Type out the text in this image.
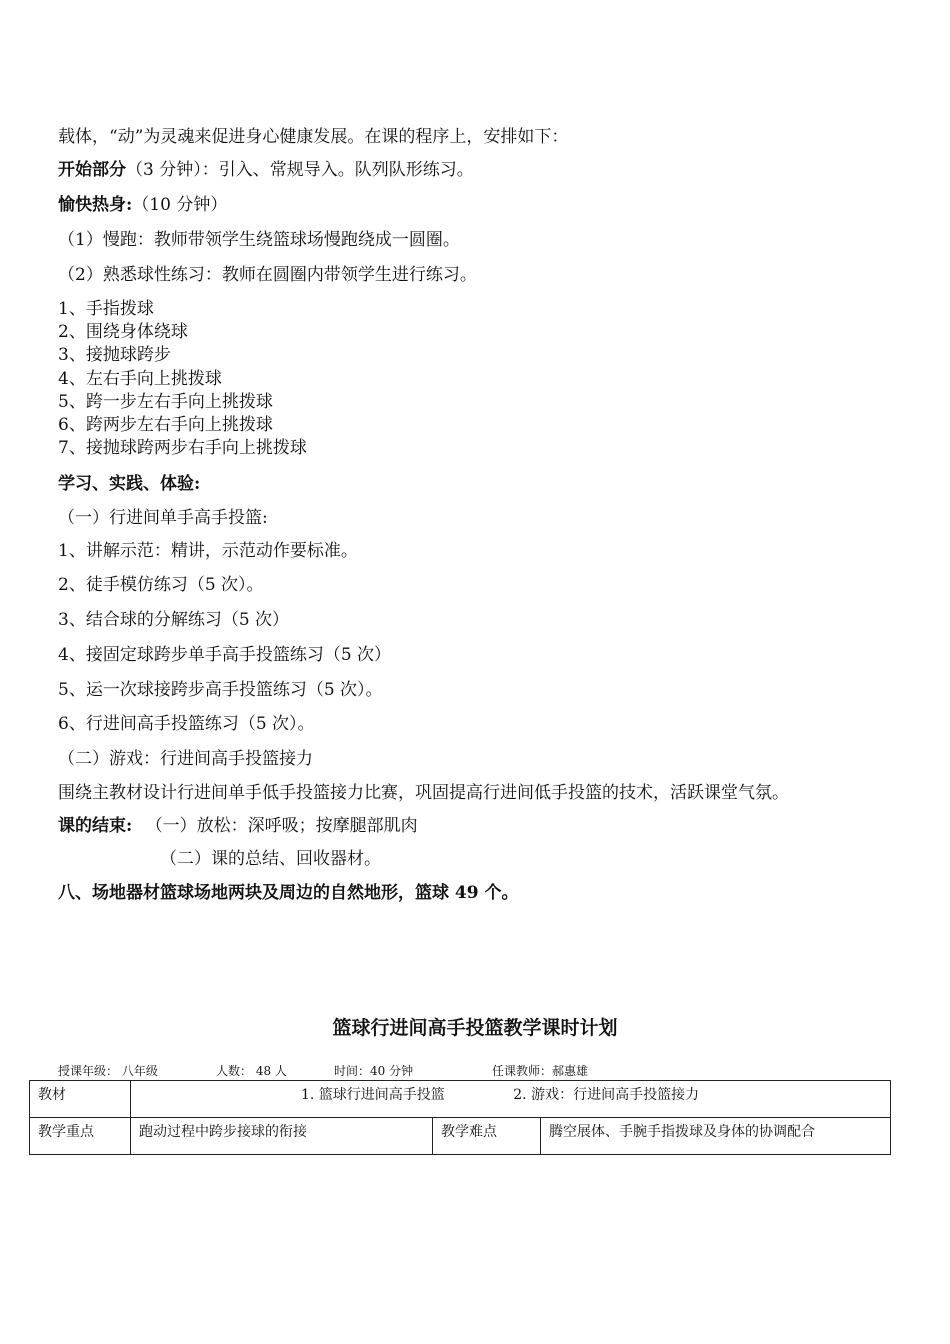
载体，“动”为灵魂来促进身心健康发展。在课的程序上，安排如下：
开始部分（3 分钟）：引入、常规导入。队列队形练习。
愉快热身:（10 分钟）
（1）慢跑：教师带领学生绕篮球场慢跑绕成一圆圈。
（2）熟悉球性练习：教师在圆圈内带领学生进行练习。
1、手指拨球
2、围绕身体绕球
3、接抛球跨步
4、左右手向上挑拨球
5、跨一步左右手向上挑拨球
6、跨两步左右手向上挑拨球
7、接抛球跨两步右手向上挑拨球
学习、实践、体验:
（一）行进间单手高手投篮:
1、讲解示范：精讲，示范动作要标准。
2、徒手模仿练习（5 次）。
3、结合球的分解练习（5 次）
4、接固定球跨步单手高手投篮练习（5 次）
5、运一次球接跨步高手投篮练习（5 次）。
6、行进间高手投篮练习（5 次）。
（二）游戏：行进间高手投篮接力
围绕主教材设计行进间单手低手投篮接力比赛，巩固提高行进间低手投篮的技术，活跃课堂气氛。
课的结束: （一）放松：深呼吸；按摩腿部肌肉
（二）课的总结、回收器材。
八、场地器材篮球场地两块及周边的自然地形，篮球 49 个。
篮球行进间高手投篮教学课时计划
授课年级： 八年级	人数： 48 人	时间：40 分钟	任课教师：郝惠雄
教材	1. 篮球行进间高手投篮 2. 游戏：行进间高手投篮接力		
教学重点	跑动过程中跨步接球的衔接	教学难点	腾空展体、手腕手指拨球及身体的协调配合
